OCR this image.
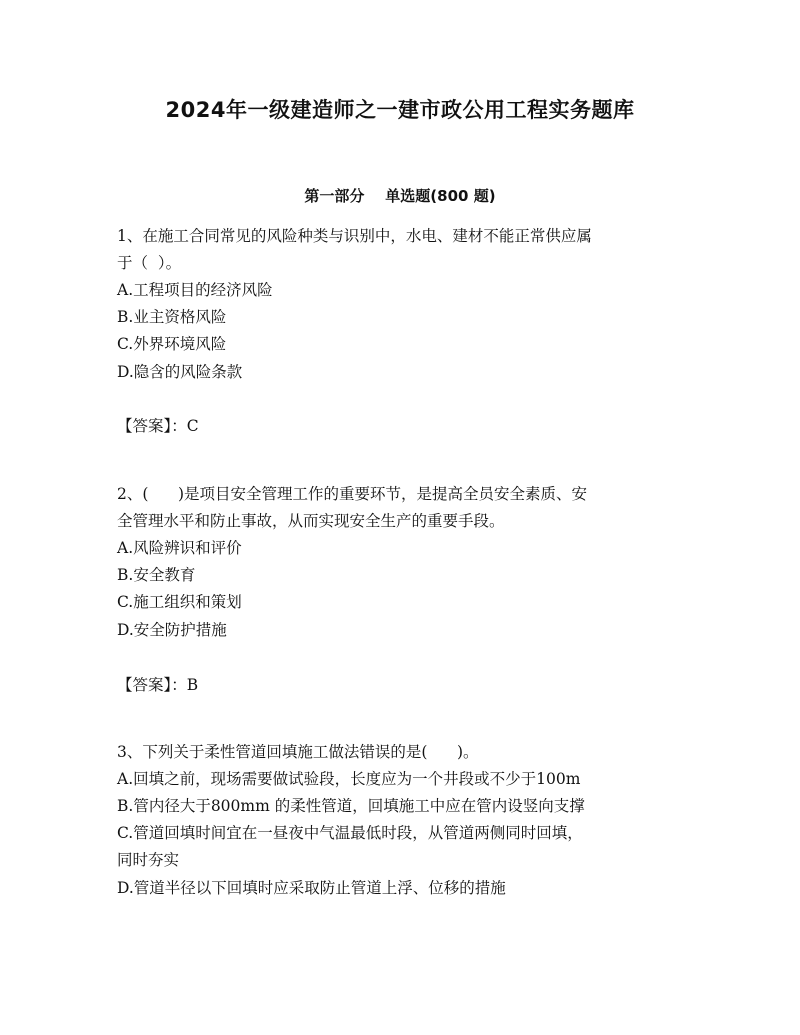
2024年一级建造师之一建市政公用工程实务题库
第一部分    单选题(800 题)
1、在施工合同常见的风险种类与识别中，水电、建材不能正常供应属
于（  ）。
A.工程项目的经济风险
B.业主资格风险
C.外界环境风险
D.隐含的风险条款
【答案】：C
2、(      )是项目安全管理工作的重要环节，是提高全员安全素质、安
全管理水平和防止事故，从而实现安全生产的重要手段。
A.风险辨识和评价
B.安全教育
C.施工组织和策划
D.安全防护措施
【答案】：B
3、下列关于柔性管道回填施工做法错误的是(      )。
A.回填之前，现场需要做试验段，长度应为一个井段或不少于100m
B.管内径大于800mm 的柔性管道，回填施工中应在管内设竖向支撑
C.管道回填时间宜在一昼夜中气温最低时段，从管道两侧同时回填，
同时夯实
D.管道半径以下回填时应采取防止管道上浮、位移的措施
